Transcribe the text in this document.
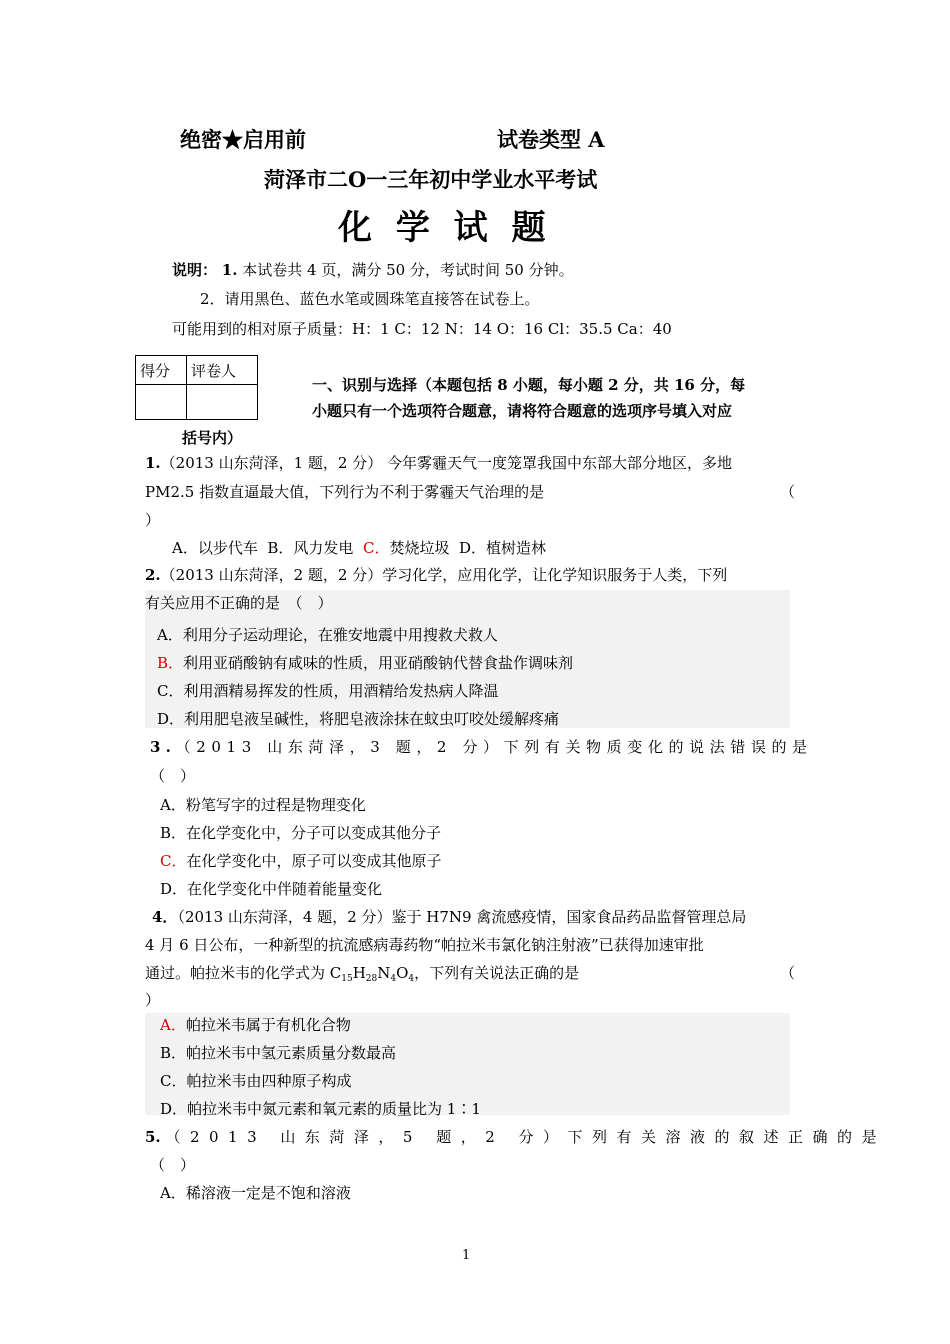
绝密★启用前	试卷类型 A
菏泽市二O一三年初中学业水平考试
化 学 试 题
说明： 1. 本试卷共 4 页，满分 50 分，考试时间 50 分钟。
2．请用黑色、蓝色水笔或圆珠笔直接答在试卷上。
可能用到的相对原子质量：H：1 C：12 N：14 O：16 Cl：35.5 Ca：40
得分	评卷人

一、识别与选择（本题包括 8 小题，每小题 2 分，共 16 分，每
小题只有一个选项符合题意，请将符合题意的选项序号填入对应
括号内）
1.（2013 山东菏泽，1 题，2 分） 今年雾霾天气一度笼罩我国中东部大部分地区，多地
PM2.5 指数直逼最大值，下列行为不利于雾霾天气治理的是	（
）
A．以步代车 B．风力发电 C．焚烧垃圾 D．植树造林
2.（2013 山东菏泽，2 题，2 分）学习化学，应用化学，让化学知识服务于人类，下列
有关应用不正确的是　（　）
A．利用分子运动理论，在雅安地震中用搜救犬救人
B．利用亚硝酸钠有咸味的性质，用亚硝酸钠代替食盐作调味剂
C．利用酒精易挥发的性质，用酒精给发热病人降温
D．利用肥皂液呈碱性，将肥皂液涂抹在蚊虫叮咬处缓解疼痛
3 . （2013 山东菏泽，3 题，2 分）下列有关物质变化的说法错误的是
（　）
A．粉笔写字的过程是物理变化
B．在化学变化中，分子可以变成其他分子
C．在化学变化中，原子可以变成其他原子
D．在化学变化中伴随着能量变化
4．（2013 山东菏泽，4 题，2 分）鉴于 H7N9 禽流感疫情，国家食品药品监督管理总局
4 月 6 日公布，一种新型的抗流感病毒药物“帕拉米韦氯化钠注射液”已获得加速审批
通过。帕拉米韦的化学式为 $C_{15}H_{28}N_4O_4$，下列有关说法正确的是	（
）
A．帕拉米韦属于有机化合物
B．帕拉米韦中氢元素质量分数最高
C．帕拉米韦由四种原子构成
D．帕拉米韦中氮元素和氧元素的质量比为 1∶1
5. （2013 山东菏泽，5 题，2 分）下列有关溶液的叙述正确的是
（　）
A．稀溶液一定是不饱和溶液
1
